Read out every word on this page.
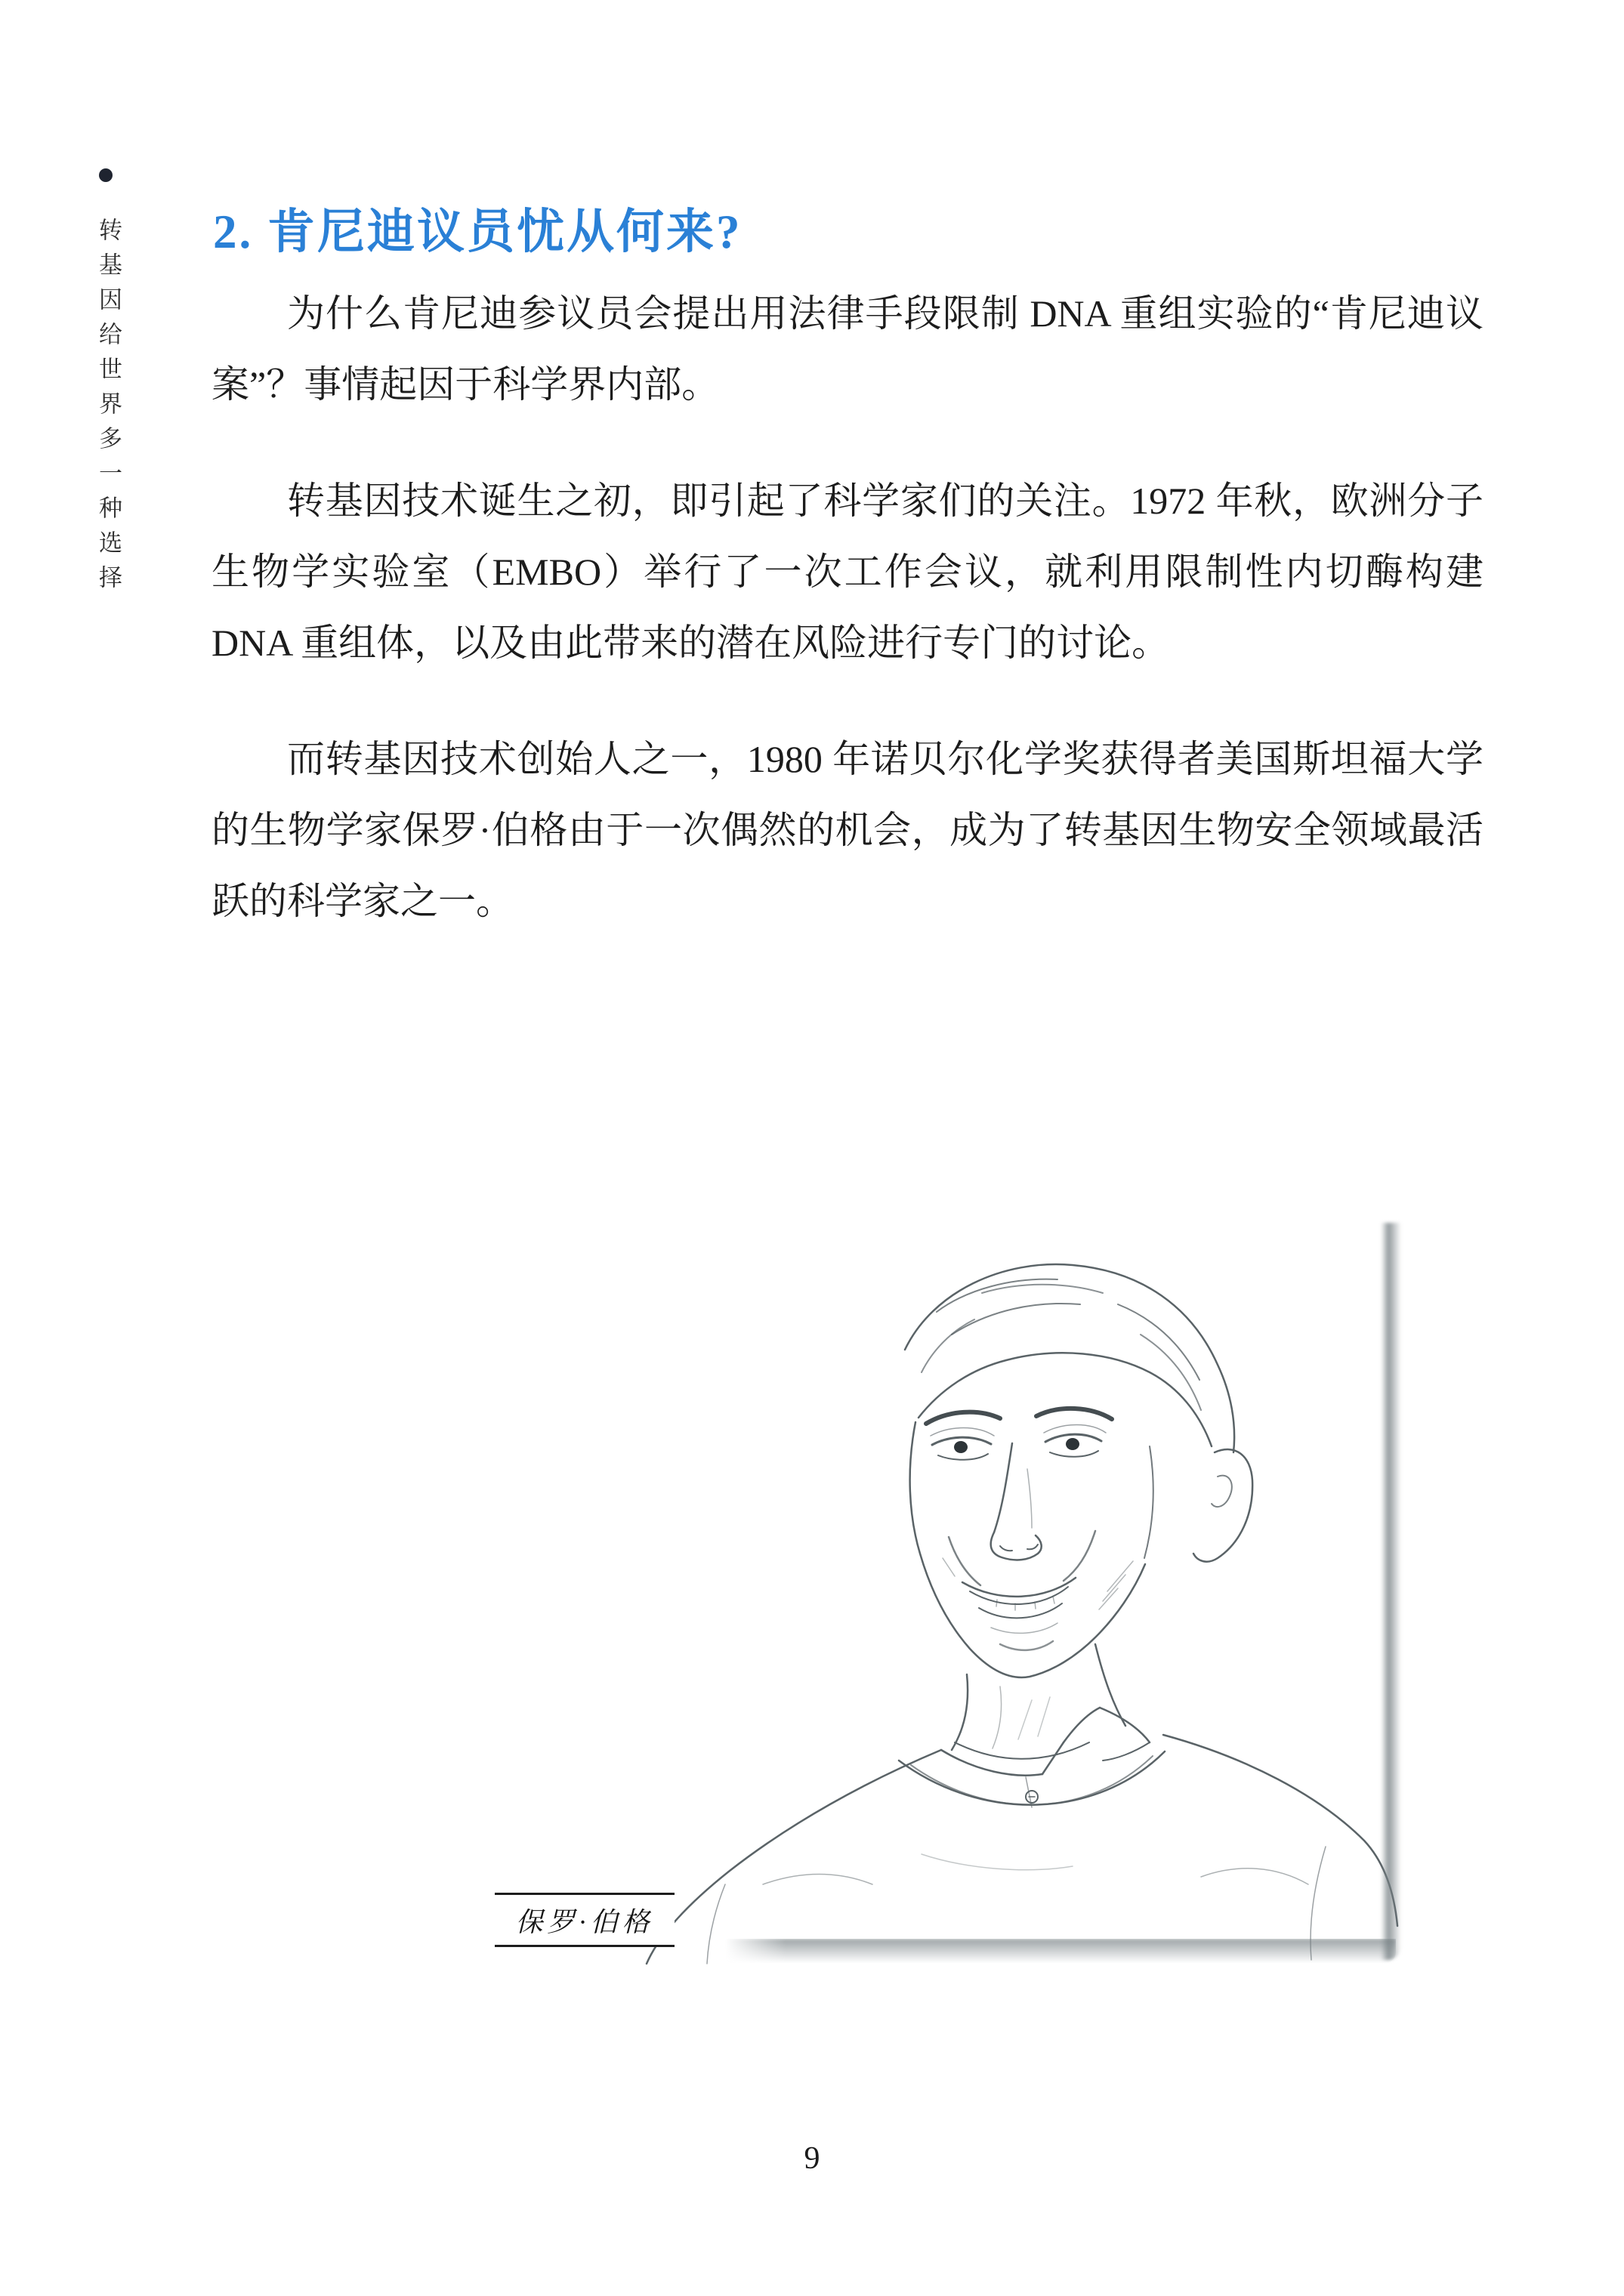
转基因给世界多一种选择 2. 肯尼迪议员忧从何来?

为什么肯尼迪参议员会提出用法律手段限制 DNA 重组实验的“肯尼迪议案”？事情起因于科学界内部。

转基因技术诞生之初，即引起了科学家们的关注。1972 年秋，欧洲分子生物学实验室（EMBO）举行了一次工作会议，就利用限制性内切酶构建 DNA 重组体，以及由此带来的潜在风险进行专门的讨论。

而转基因技术创始人之一，1980 年诺贝尔化学奖获得者美国斯坦福大学的生物学家保罗·伯格由于一次偶然的机会，成为了转基因生物安全领域最活跃的科学家之一。

保罗·伯格
9
